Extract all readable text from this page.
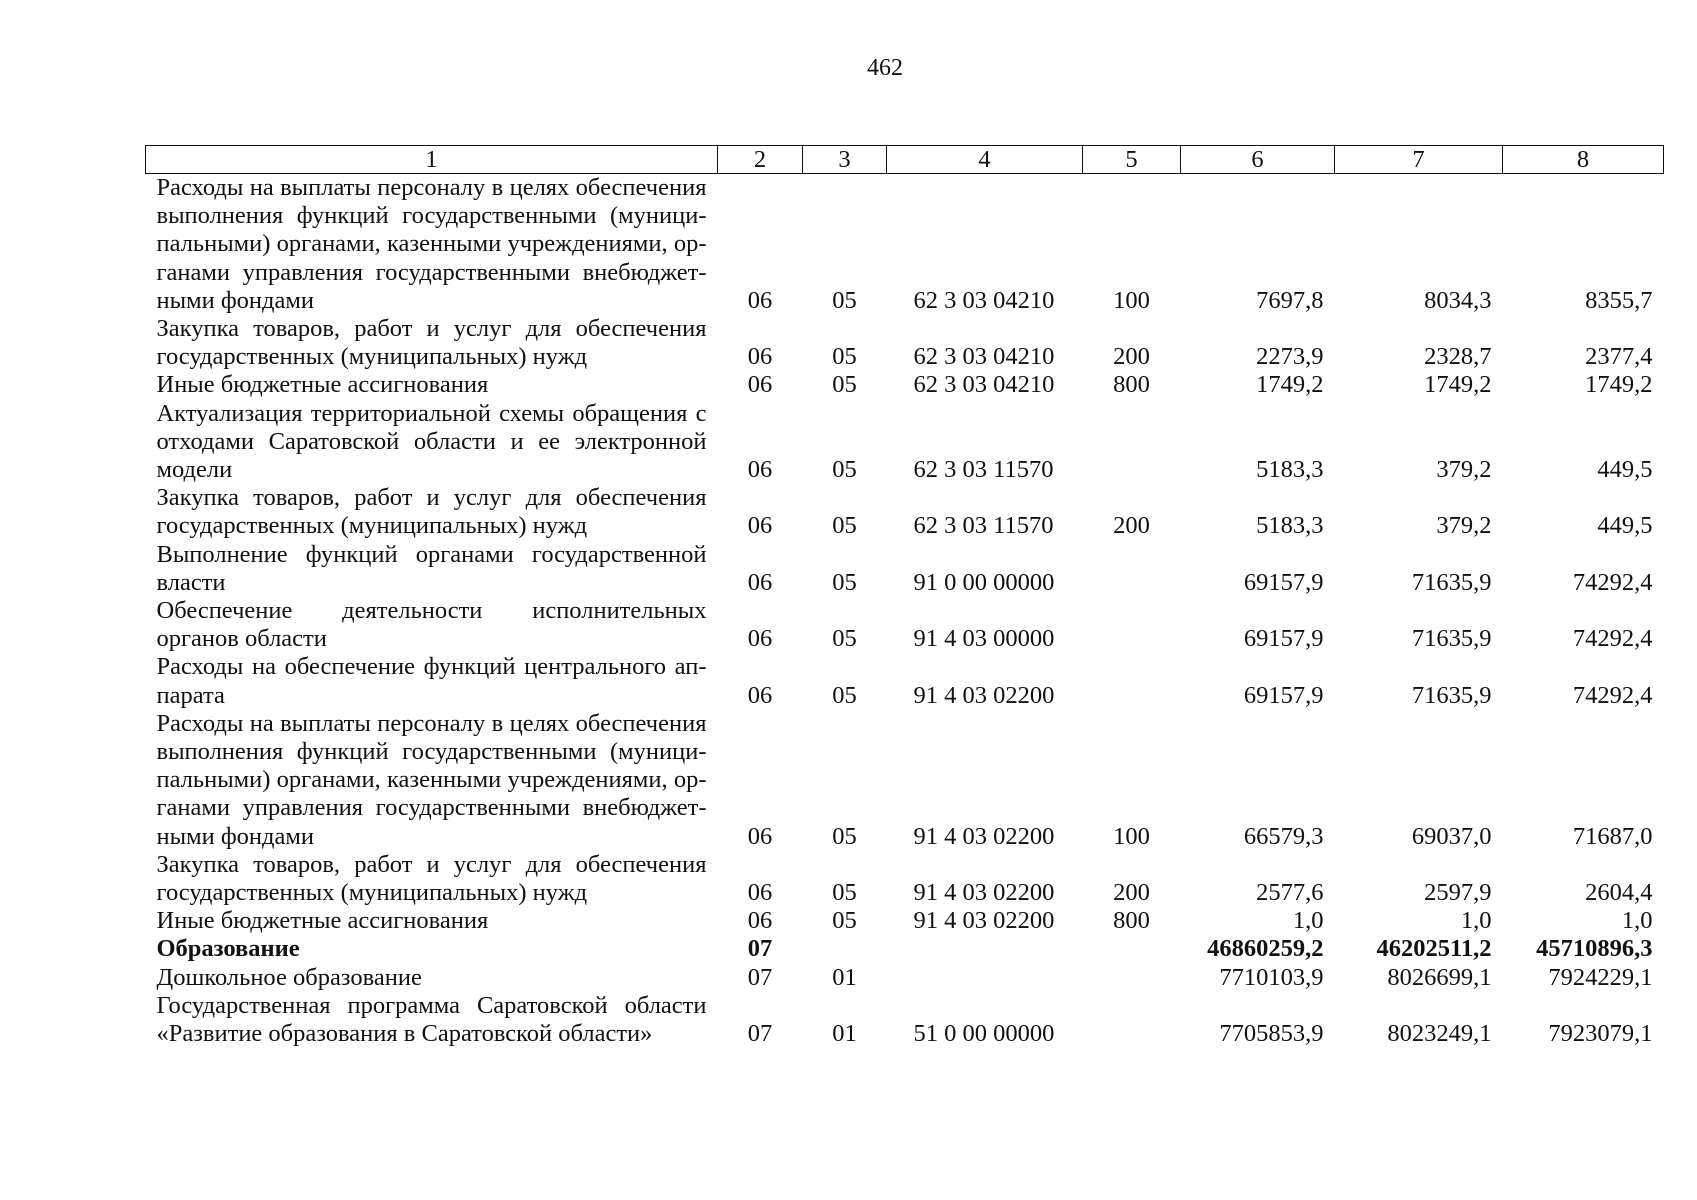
462
1	2	3	4	5	6	7	8
Расходы на выплаты персоналу в целях обеспечения выполнения функций государственными (муници-пальными) органами, казенными учреждениями, ор-ганами управления государственными внебюджет-ными фондами	06	05	62 3 03 04210	100	7697,8	8034,3	8355,7
Закупка товаров, работ и услуг для обеспечения государственных (муниципальных) нужд	06	05	62 3 03 04210	200	2273,9	2328,7	2377,4
Иные бюджетные ассигнования	06	05	62 3 03 04210	800	1749,2	1749,2	1749,2
Актуализация территориальной схемы обращения с отходами Саратовской области и ее электронной модели	06	05	62 3 03 11570		5183,3	379,2	449,5
Закупка товаров, работ и услуг для обеспечения государственных (муниципальных) нужд	06	05	62 3 03 11570	200	5183,3	379,2	449,5
Выполнение функций органами государственной власти	06	05	91 0 00 00000		69157,9	71635,9	74292,4
Обеспечение деятельности исполнительных органов области	06	05	91 4 03 00000		69157,9	71635,9	74292,4
Расходы на обеспечение функций центрального ап-парата	06	05	91 4 03 02200		69157,9	71635,9	74292,4
Расходы на выплаты персоналу в целях обеспечения выполнения функций государственными (муници-пальными) органами, казенными учреждениями, ор-ганами управления государственными внебюджет-ными фондами	06	05	91 4 03 02200	100	66579,3	69037,0	71687,0
Закупка товаров, работ и услуг для обеспечения государственных (муниципальных) нужд	06	05	91 4 03 02200	200	2577,6	2597,9	2604,4
Иные бюджетные ассигнования	06	05	91 4 03 02200	800	1,0	1,0	1,0
Образование	07				46860259,2	46202511,2	45710896,3
Дошкольное образование	07	01			7710103,9	8026699,1	7924229,1
Государственная программа Саратовской области «Развитие образования в Саратовской области»	07	01	51 0 00 00000		7705853,9	8023249,1	7923079,1
